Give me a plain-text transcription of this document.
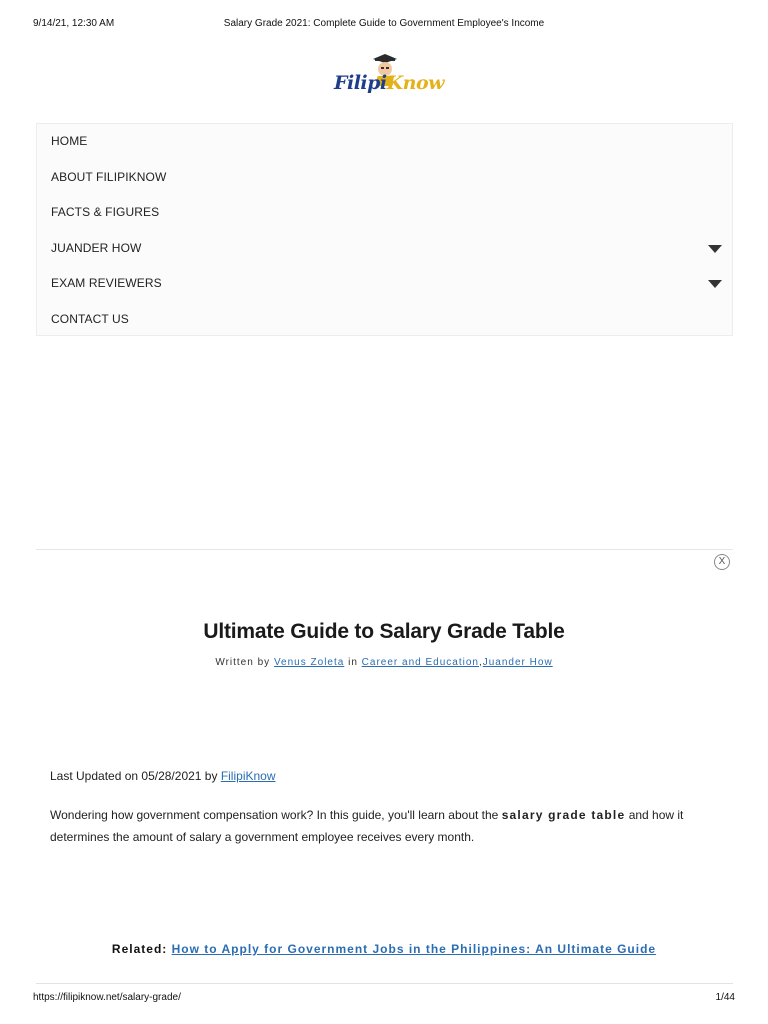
9/14/21, 12:30 AM	Salary Grade 2021: Complete Guide to Government Employee's Income
FilipiKnow
HOME
ABOUT FILIPIKNOW
FACTS & FIGURES
JUANDER HOW
EXAM REVIEWERS
CONTACT US
X
Ultimate Guide to Salary Grade Table
Written by Venus Zoleta in Career and Education,Juander How

Last Updated on 05/28/2021 by FilipiKnow

Wondering how government compensation work? In this guide, you'll learn about the salary grade table and how it determines the amount of salary a government employee receives every month.

Related: How to Apply for Government Jobs in the Philippines: An Ultimate Guide

https://filipiknow.net/salary-grade/	1/44
